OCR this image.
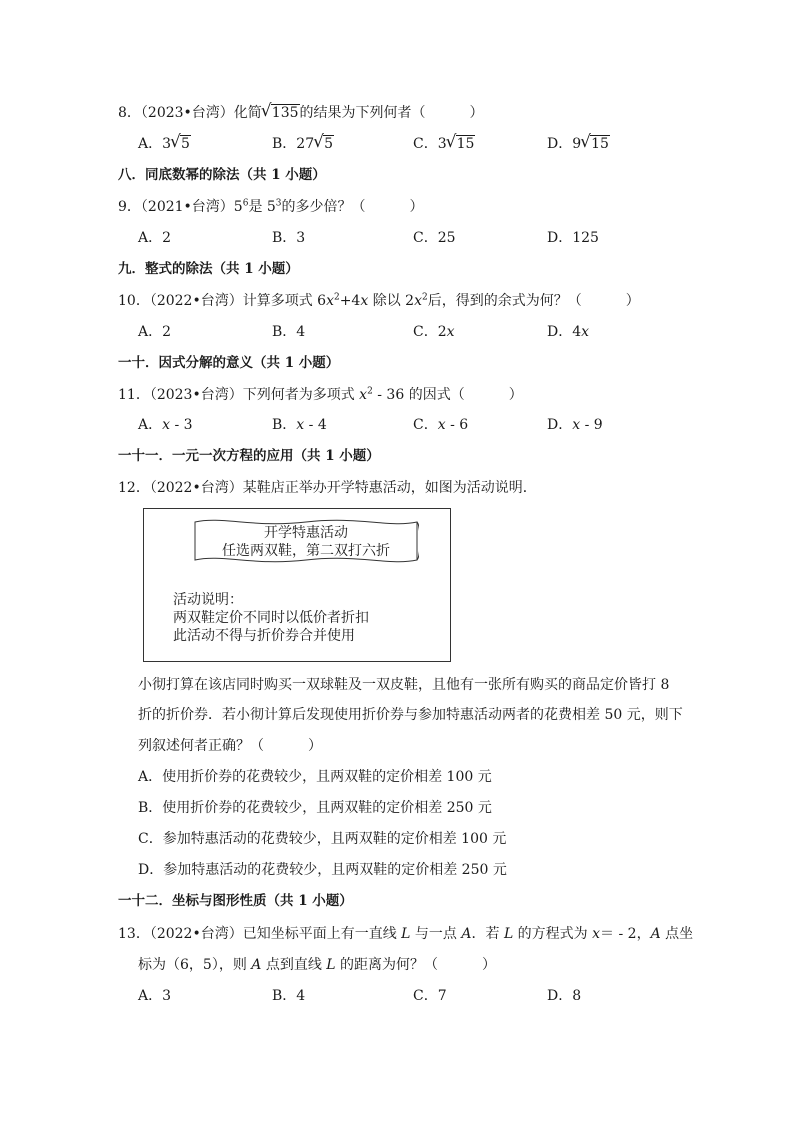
8．（2023•台湾）化简 √ 135的结果为下列何者（	）
A．3 √ 5	B．27 √ 5	C．3 √ 15	D．9 √ 15
八．同底数幂的除法（共 1 小题）
9．（2021•台湾）$5^6$是 $5^3$的多少倍？（	）
A．2	B．3	C．25	D．125
九．整式的除法（共 1 小题）
10．（2022•台湾）计算多项式 $6x^2+4x$ 除以 $2x^2$后，得到的余式为何？（	）
A．2	B．4	C．2x	D．4x
一十．因式分解的意义（共 1 小题）
11．（2023•台湾）下列何者为多项式 $x^2 - 36$ 的因式（	）
A．x - 3	B．x - 4	C．x - 6	D．x - 9
一十一．一元一次方程的应用（共 1 小题）
12．（2022•台湾）某鞋店正举办开学特惠活动，如图为活动说明．
开学特惠活动
任选两双鞋，第二双打六折
活动说明：
两双鞋定价不同时以低价者折扣
此活动不得与折价券合并使用
小彻打算在该店同时购买一双球鞋及一双皮鞋，且他有一张所有购买的商品定价皆打 8
折的折价券．若小彻计算后发现使用折价券与参加特惠活动两者的花费相差 50 元，则下
列叙述何者正确？（	）
A．使用折价券的花费较少，且两双鞋的定价相差 100 元
B．使用折价券的花费较少，且两双鞋的定价相差 250 元
C．参加特惠活动的花费较少，且两双鞋的定价相差 100 元
D．参加特惠活动的花费较少，且两双鞋的定价相差 250 元
一十二．坐标与图形性质（共 1 小题）
13．（2022•台湾）已知坐标平面上有一直线 L 与一点 A．若 L 的方程式为 x＝ - 2，A 点坐
标为（6，5），则 A 点到直线 L 的距离为何？（	）
A．3	B．4	C．7	D．8
